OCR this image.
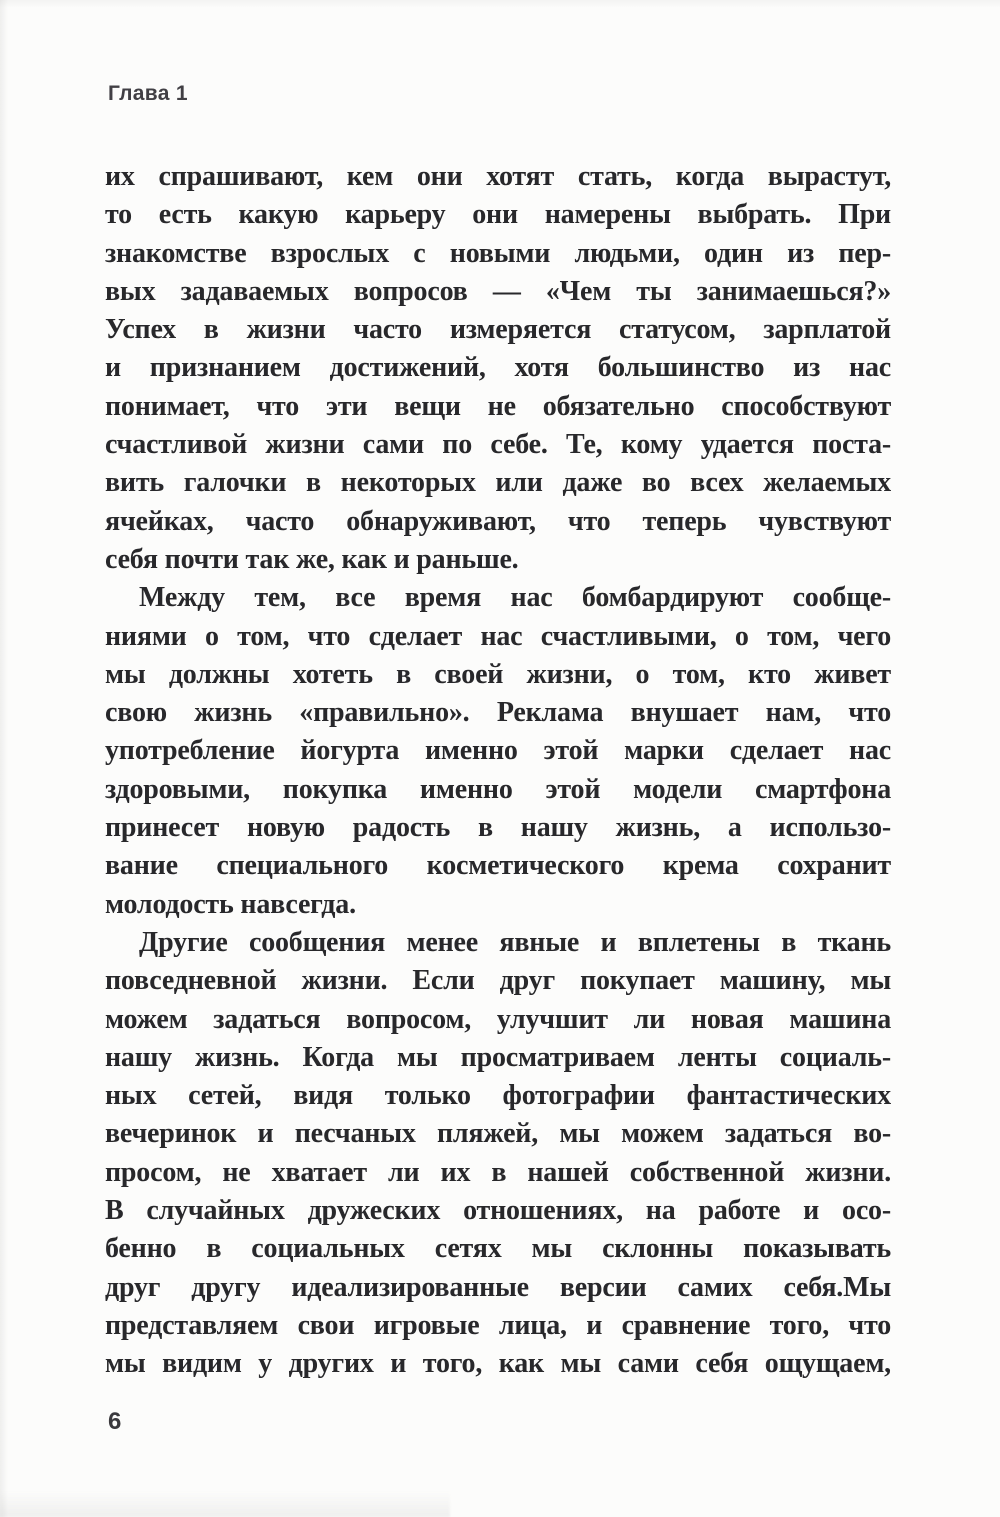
Глава 1
их спрашивают, кем они хотят стать, когда вырастут,
то есть какую карьеру они намерены выбрать. При
знакомстве взрослых с новыми людьми, один из пер-
вых задаваемых вопросов — «Чем ты занимаешься?»
Успех в жизни часто измеряется статусом, зарплатой
и признанием достижений, хотя большинство из нас
понимает, что эти вещи не обязательно способствуют
счастливой жизни сами по себе. Те, кому удается поста-
вить галочки в некоторых или даже во всех желаемых
ячейках, часто обнаруживают, что теперь чувствуют
себя почти так же, как и раньше.
Между тем, все время нас бомбардируют сообще-
ниями о том, что сделает нас счастливыми, о том, чего
мы должны хотеть в своей жизни, о том, кто живет
свою жизнь «правильно». Реклама внушает нам, что
употребление йогурта именно этой марки сделает нас
здоровыми, покупка именно этой модели смартфона
принесет новую радость в нашу жизнь, а использо-
вание специального косметического крема сохранит
молодость навсегда.
Другие сообщения менее явные и вплетены в ткань
повседневной жизни. Если друг покупает машину, мы
можем задаться вопросом, улучшит ли новая машина
нашу жизнь. Когда мы просматриваем ленты социаль-
ных сетей, видя только фотографии фантастических
вечеринок и песчаных пляжей, мы можем задаться во-
просом, не хватает ли их в нашей собственной жизни.
В случайных дружеских отношениях, на работе и осо-
бенно в социальных сетях мы склонны показывать
друг другу идеализированные версии самих себя.Мы
представляем свои игровые лица, и сравнение того, что
мы видим у других и того, как мы сами себя ощущаем,
6
